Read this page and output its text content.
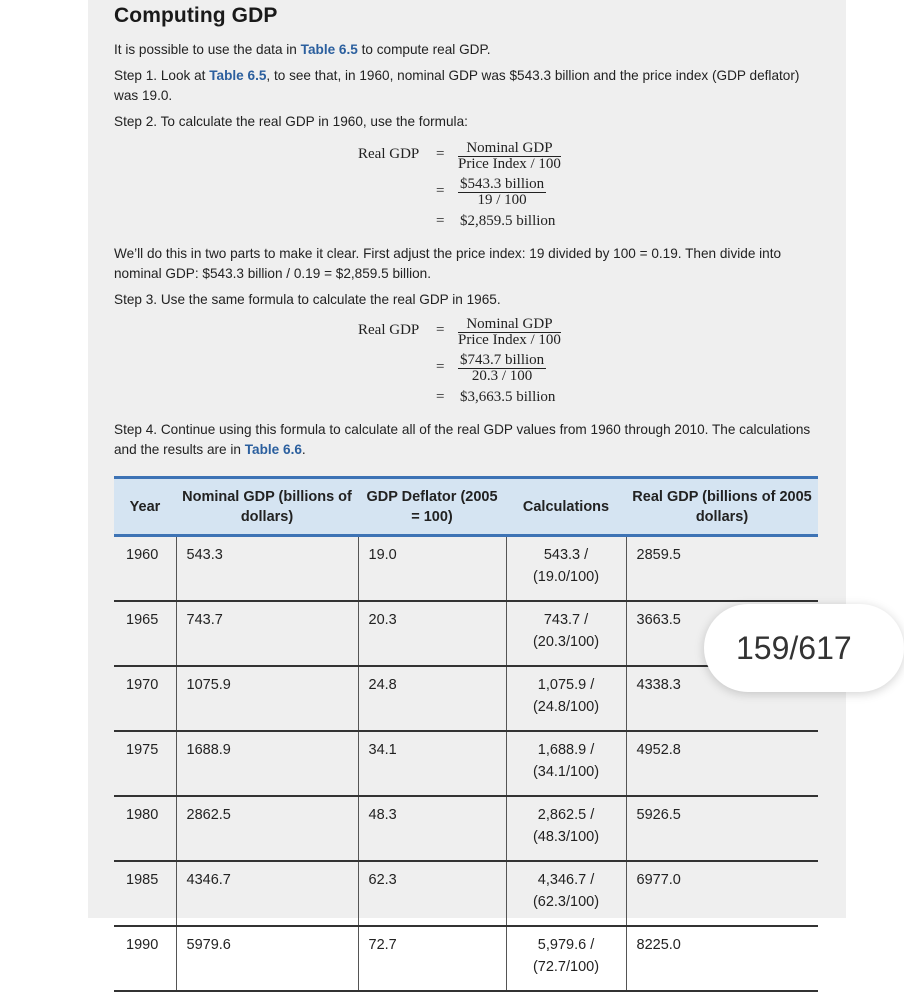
Computing GDP

It is possible to use the data in Table 6.5 to compute real GDP.

Step 1. Look at Table 6.5, to see that, in 1960, nominal GDP was $543.3 billion and the price index (GDP deflator) was 19.0.

Step 2. To calculate the real GDP in 1960, use the formula:

Real GDP =	Nominal GDP
Price Index / 100
= $543.3 billion
19 / 100
= $2,859.5 billion

We’ll do this in two parts to make it clear. First adjust the price index: 19 divided by 100 = 0.19. Then divide into nominal GDP: $543.3 billion / 0.19 = $2,859.5 billion.

Step 3. Use the same formula to calculate the real GDP in 1965.

Real GDP =	Nominal GDP
Price Index / 100
= $743.7 billion
20.3 / 100
= $3,663.5 billion

Step 4. Continue using this formula to calculate all of the real GDP values from 1960 through 2010. The calculations and the results are in Table 6.6.

Year	Nominal GDP (billions of dollars)	GDP Deflator (2005 = 100)	Calculations	Real GDP (billions of 2005 dollars)
1960	543.3	19.0	543.3 /
(19.0/100)	2859.5
1965	743.7	20.3	743.7 /
(20.3/100)	3663.5
1970	1075.9	24.8	1,075.9 /
(24.8/100)	4338.3
1975	1688.9	34.1	1,688.9 /
(34.1/100)	4952.8
1980	2862.5	48.3	2,862.5 /
(48.3/100)	5926.5
1985	4346.7	62.3	4,346.7 /
(62.3/100)	6977.0
1990	5979.6	72.7	5,979.6 /
(72.7/100)	8225.0
159/617
